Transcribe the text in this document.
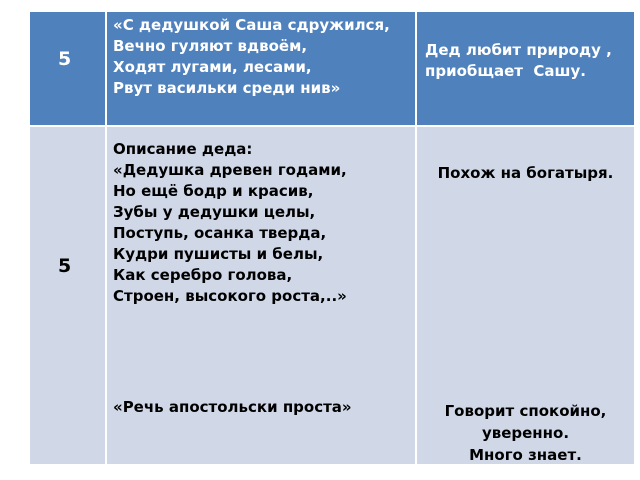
5
«С дедушкой Саша сдружился,
Вечно гуляют вдвоём,
Ходят лугами, лесами,
Рвут васильки среди нив»
Дед любит природу ,
приобщает  Сашу.
5
Описание деда:
«Дедушка древен годами,
Но ещё бодр и красив,
Зубы у дедушки целы,
Поступь, осанка тверда,
Кудри пушисты и белы,
Как серебро голова,
Строен, высокого роста,..»
«Речь апостольски проста»
Похож на богатыря.
Говорит спокойно,
уверенно.
Много знает.
